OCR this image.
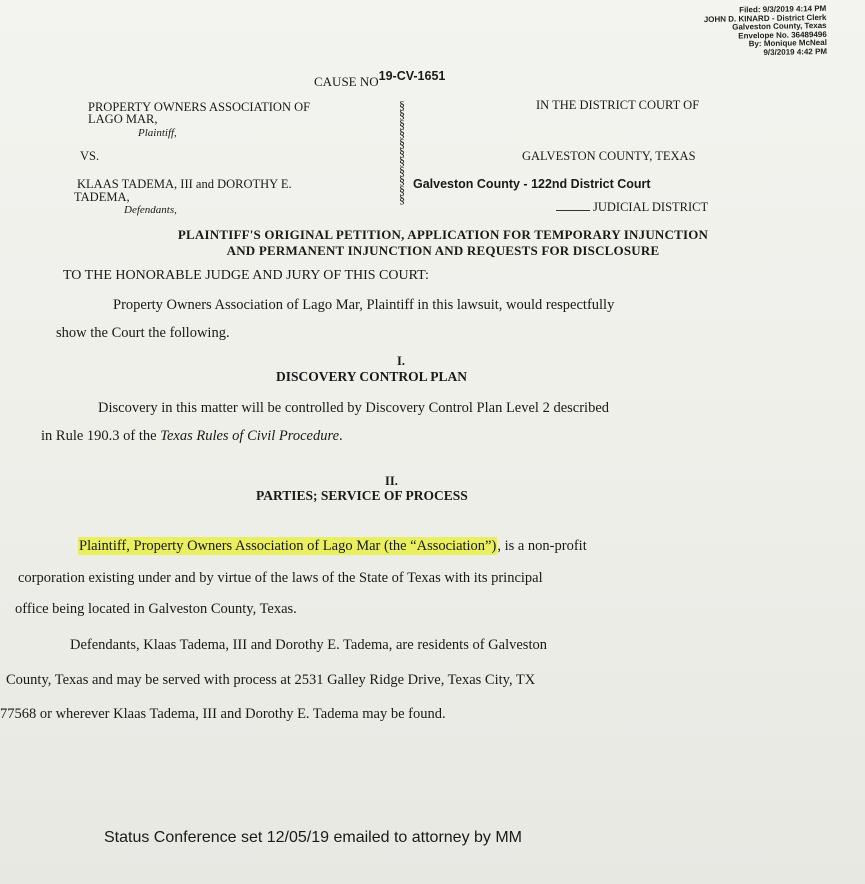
Filed: 9/3/2019 4:14 PM
JOHN D. KINARD - District Clerk
Galveston County, Texas
Envelope No. 36489496
By: Monique McNeal
9/3/2019 4:42 PM
CAUSE NO19-CV-1651
PROPERTY OWNERS ASSOCIATION OF
LAGO MAR,
Plaintiff,
VS.
KLAAS TADEMA, III and DOROTHY E.
TADEMA,
Defendants,
§
§
§
§
§
§
§
§
§
§
§
IN THE DISTRICT COURT OF
GALVESTON COUNTY, TEXAS
Galveston County - 122nd District Court
JUDICIAL DISTRICT
PLAINTIFF'S ORIGINAL PETITION, APPLICATION FOR TEMPORARY INJUNCTION
AND PERMANENT INJUNCTION AND REQUESTS FOR DISCLOSURE
TO THE HONORABLE JUDGE AND JURY OF THIS COURT:
Property Owners Association of Lago Mar, Plaintiff in this lawsuit, would respectfully
show the Court the following.
I.
DISCOVERY CONTROL PLAN
Discovery in this matter will be controlled by Discovery Control Plan Level 2 described
in Rule 190.3 of the Texas Rules of Civil Procedure.
II.
PARTIES; SERVICE OF PROCESS
Plaintiff, Property Owners Association of Lago Mar (the “Association”), is a non-profit
corporation existing under and by virtue of the laws of the State of Texas with its principal
office being located in Galveston County, Texas.
Defendants, Klaas Tadema, III and Dorothy E. Tadema, are residents of Galveston
County, Texas and may be served with process at 2531 Galley Ridge Drive, Texas City, TX
77568 or wherever Klaas Tadema, III and Dorothy E. Tadema may be found.
Status Conference set 12/05/19 emailed to attorney by MM
